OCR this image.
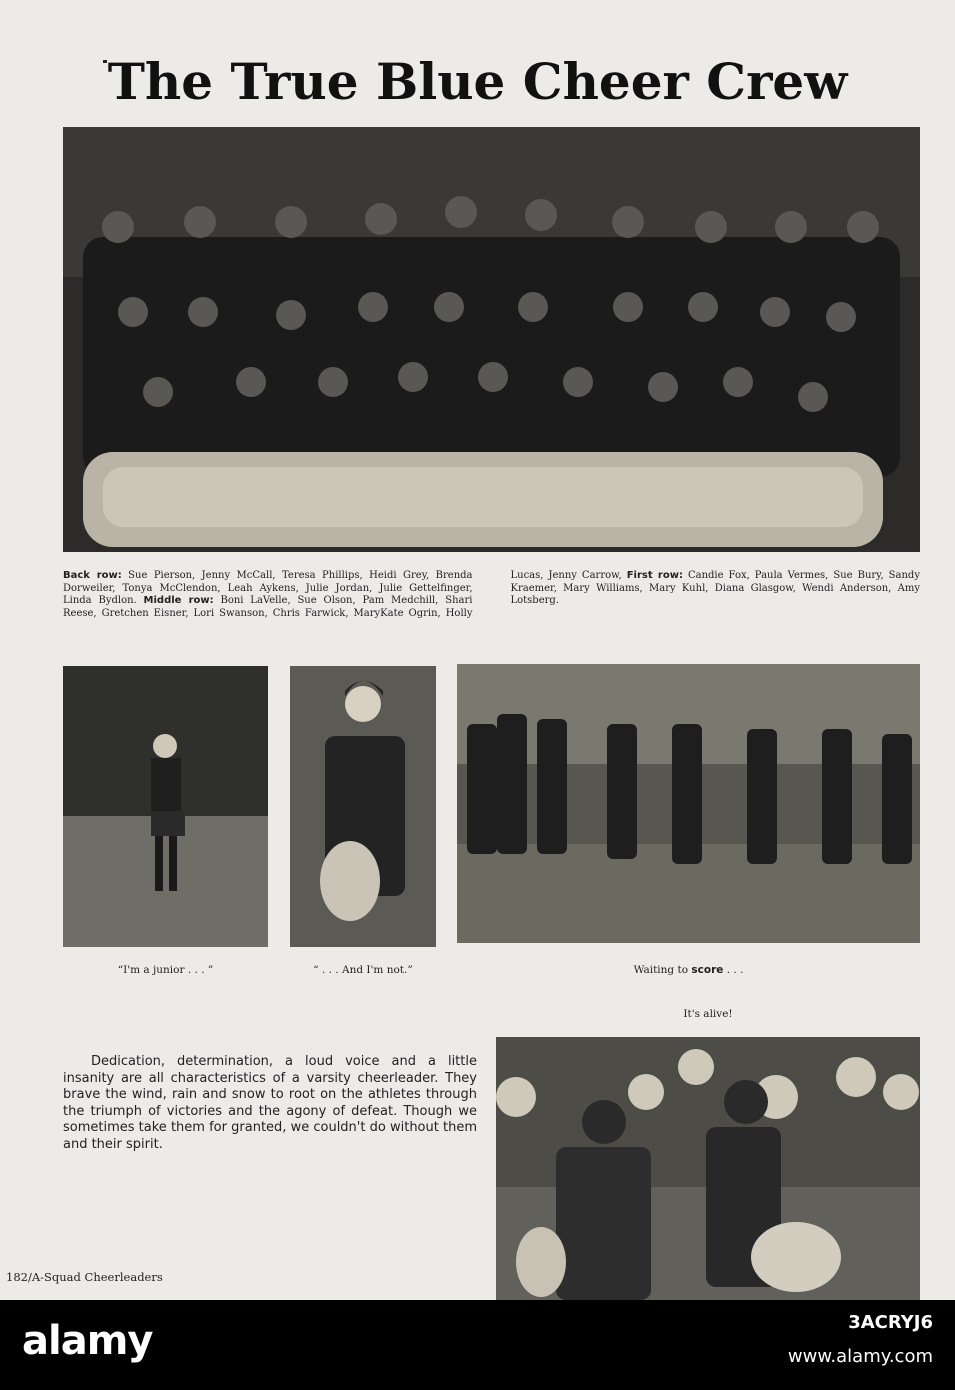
The True Blue Cheer Crew
Back row: Sue Pierson, Jenny McCall, Teresa Phillips, Heidi Grey, Brenda Dorweiler, Tonya McClendon, Leah Aykens, Julie Jordan, Julie Gettelfinger, Linda Bydlon. Middle row: Boni LaVelle, Sue Olson, Pam Medchill, Shari Reese, Gretchen Eisner, Lori Swanson, Chris Farwick, MaryKate Ogrin, Holly Lucas, Jenny Carrow, First row: Candie Fox, Paula Vermes, Sue Bury, Sandy Kraemer, Mary Williams, Mary Kuhl, Diana Glasgow, Wendi Anderson, Amy Lotsberg.
“I'm a junior . . . ”	“ . . . And I'm not.”	Waiting to score . . .
It's alive!
Dedication, determination, a loud voice and a little insanity are all characteristics of a varsity cheerleader. They brave the wind, rain and snow to root on the athletes through the triumph of victories and the agony of defeat. Though we sometimes take them for granted, we couldn't do without them and their spirit.
182/A-Squad Cheerleaders
alamy	3ACRYJ6
www.alamy.com
